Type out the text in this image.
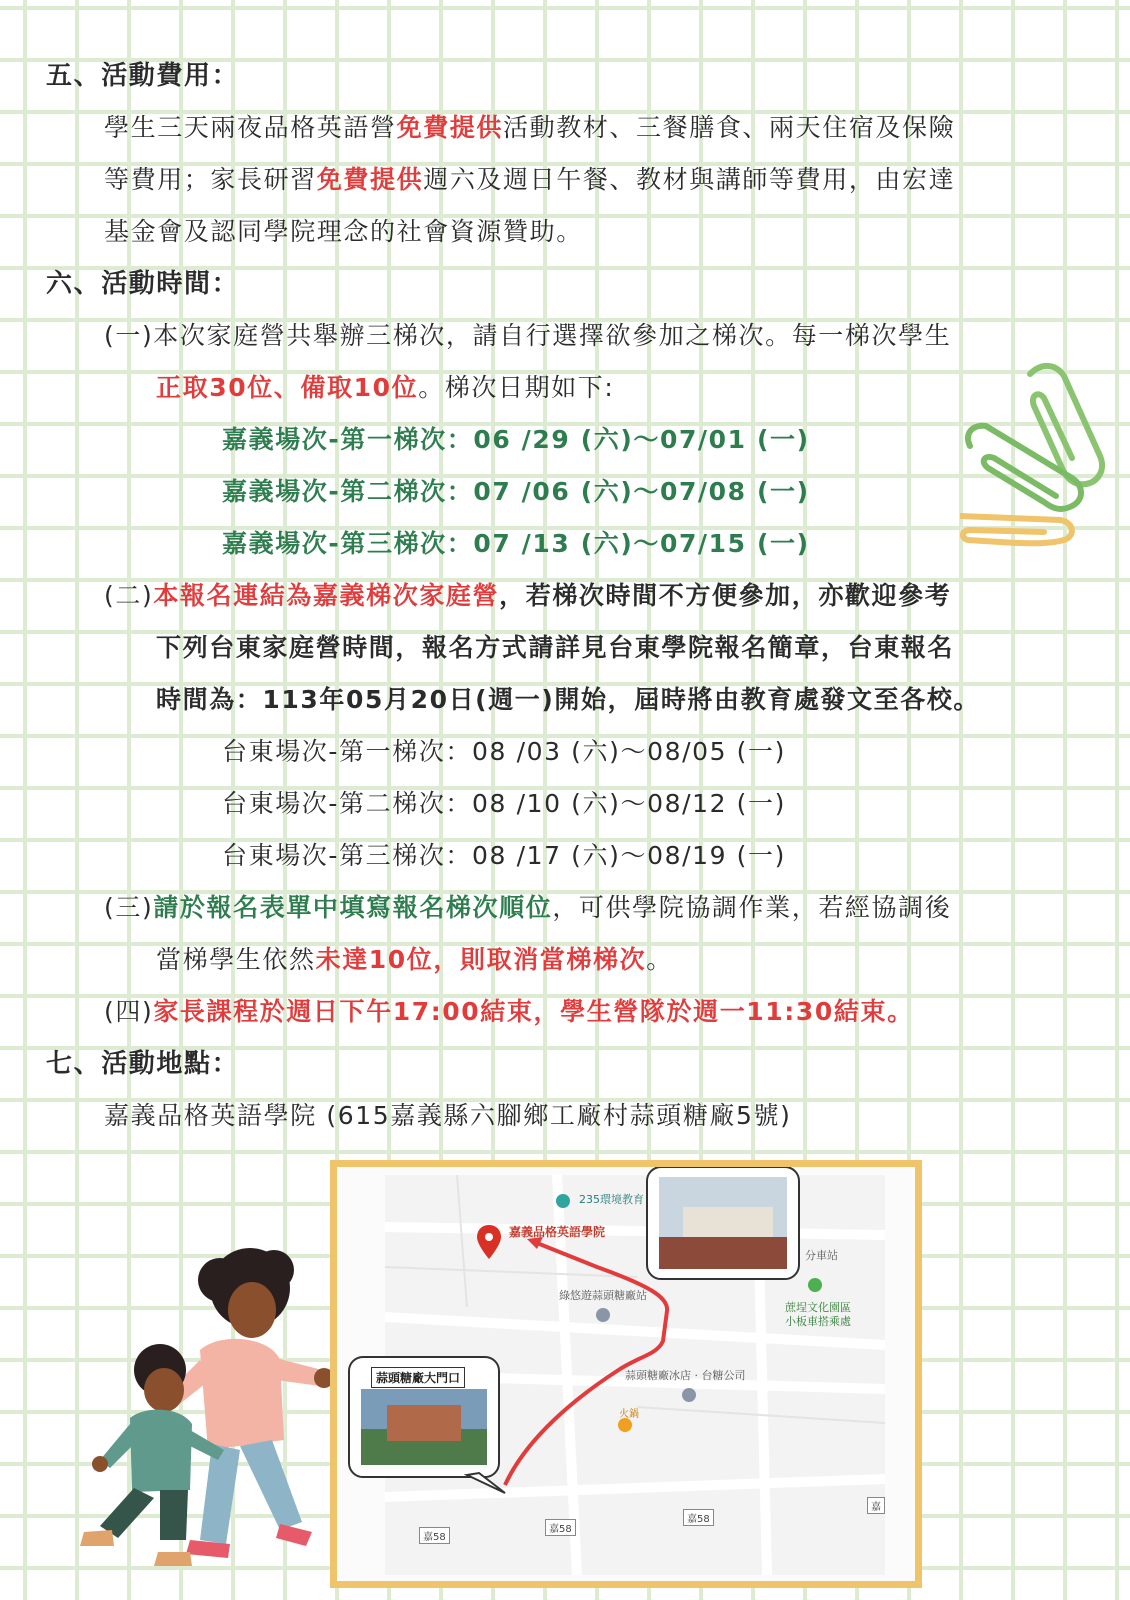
五、活動費用：
學生三天兩夜品格英語營免費提供活動教材、三餐膳食、兩天住宿及保險
等費用；家長研習免費提供週六及週日午餐、教材與講師等費用，由宏達
基金會及認同學院理念的社會資源贊助。
六、活動時間：
(一)本次家庭營共舉辦三梯次，請自行選擇欲參加之梯次。每一梯次學生
正取30位、備取10位。梯次日期如下:
嘉義場次-第一梯次：06 /29 (六)～07/01 (一)
嘉義場次-第二梯次：07 /06 (六)～07/08 (一)
嘉義場次-第三梯次：07 /13 (六)～07/15 (一)
(二)本報名連結為嘉義梯次家庭營，若梯次時間不方便參加，亦歡迎參考
下列台東家庭營時間，報名方式請詳見台東學院報名簡章，台東報名
時間為：113年05月20日(週一)開始，屆時將由教育處發文至各校。
台東場次-第一梯次：08 /03 (六)～08/05 (一)
台東場次-第二梯次：08 /10 (六)～08/12 (一)
台東場次-第三梯次：08 /17 (六)～08/19 (一)
(三)請於報名表單中填寫報名梯次順位，可供學院協調作業，若經協調後
當梯學生依然未達10位，則取消當梯梯次。
(四)家長課程於週日下午17:00結束，學生營隊於週一11:30結束。
七、活動地點：
嘉義品格英語學院 (615嘉義縣六腳鄉工廠村蒜頭糖廠5號)
235環境教育
嘉義品格英語學院
綠悠遊蒜頭糖廠站
蔗埕文化園區
小板車搭乘處
蒜頭糖廠冰店 · 台糖公司
火鍋
分車站
蒜頭糖廠大門口
嘉58
嘉58
嘉58
嘉
